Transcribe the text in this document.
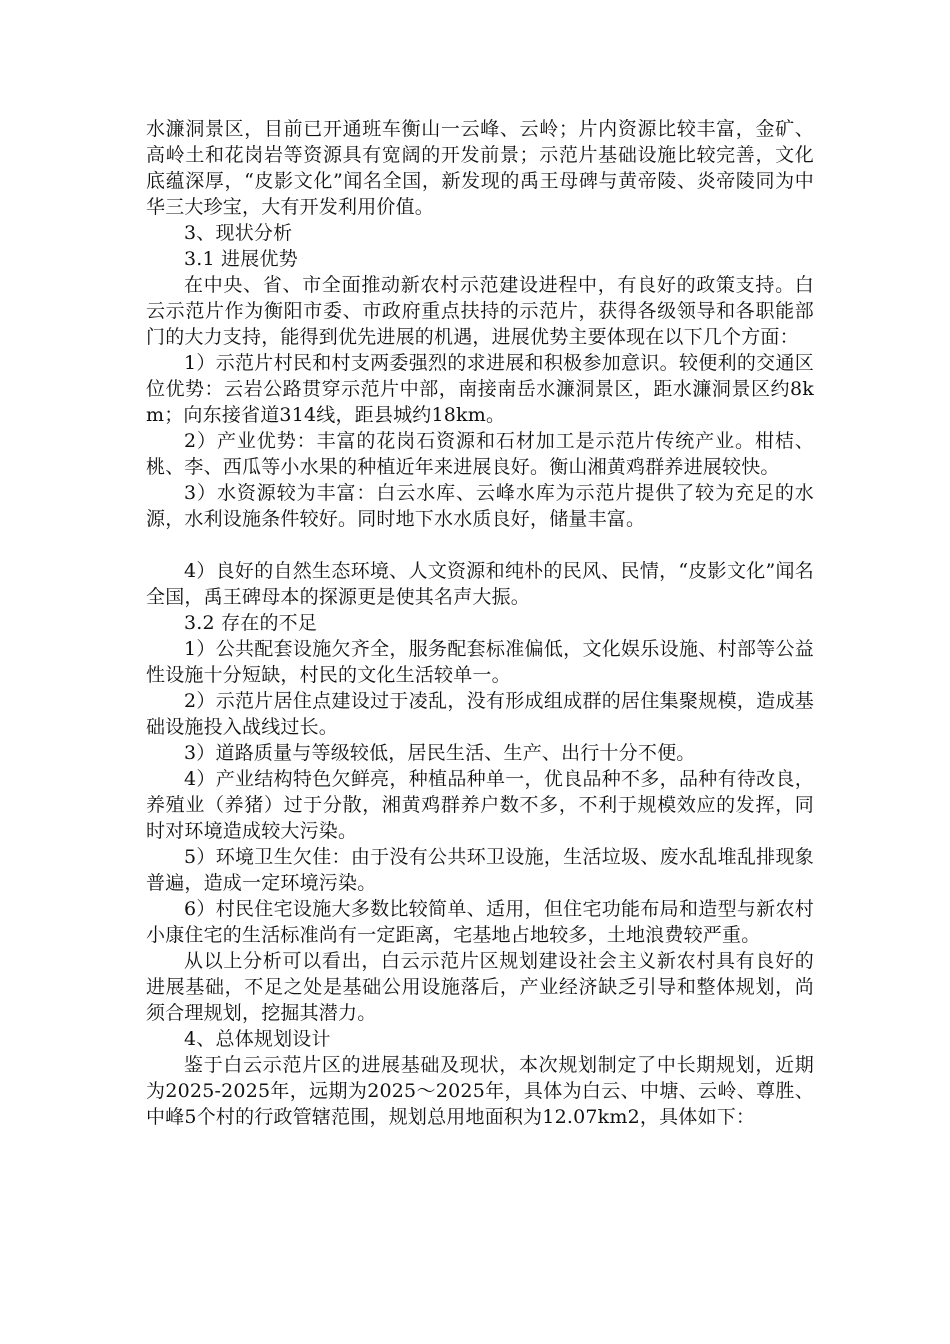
水濂洞景区，目前已开通班车衡山一云峰、云岭；片内资源比较丰富，金矿、高岭土和花岗岩等资源具有宽阔的开发前景；示范片基础设施比较完善，文化底蕴深厚，“皮影文化”闻名全国，新发现的禹王母碑与黄帝陵、炎帝陵同为中华三大珍宝，大有开发利用价值。

3、现状分析

3.1 进展优势

在中央、省、市全面推动新农村示范建设进程中，有良好的政策支持。白云示范片作为衡阳市委、市政府重点扶持的示范片，获得各级领导和各职能部门的大力支持，能得到优先进展的机遇，进展优势主要体现在以下几个方面：

1）示范片村民和村支两委强烈的求进展和积极参加意识。较便利的交通区位优势：云岩公路贯穿示范片中部，南接南岳水濂洞景区，距水濂洞景区约8km；向东接省道314线，距县城约18km。

2）产业优势：丰富的花岗石资源和石材加工是示范片传统产业。柑桔、桃、李、西瓜等小水果的种植近年来进展良好。衡山湘黄鸡群养进展较快。

3）水资源较为丰富：白云水库、云峰水库为示范片提供了较为充足的水源，水利设施条件较好。同时地下水水质良好，储量丰富。

4）良好的自然生态环境、人文资源和纯朴的民风、民情，“皮影文化”闻名全国，禹王碑母本的探源更是使其名声大振。

3.2 存在的不足

1）公共配套设施欠齐全，服务配套标准偏低，文化娱乐设施、村部等公益性设施十分短缺，村民的文化生活较单一。

2）示范片居住点建设过于凌乱，没有形成组成群的居住集聚规模，造成基础设施投入战线过长。

3）道路质量与等级较低，居民生活、生产、出行十分不便。

4）产业结构特色欠鲜亮，种植品种单一，优良品种不多，品种有待改良，养殖业（养猪）过于分散，湘黄鸡群养户数不多，不利于规模效应的发挥，同时对环境造成较大污染。

5）环境卫生欠佳：由于没有公共环卫设施，生活垃圾、废水乱堆乱排现象普遍，造成一定环境污染。

6）村民住宅设施大多数比较简单、适用，但住宅功能布局和造型与新农村小康住宅的生活标准尚有一定距离，宅基地占地较多，土地浪费较严重。

从以上分析可以看出，白云示范片区规划建设社会主义新农村具有良好的进展基础，不足之处是基础公用设施落后，产业经济缺乏引导和整体规划，尚须合理规划，挖掘其潜力。

4、总体规划设计

鉴于白云示范片区的进展基础及现状，本次规划制定了中长期规划，近期为2025-2025年，远期为2025～2025年，具体为白云、中塘、云岭、尊胜、中峰5个村的行政管辖范围，规划总用地面积为12.07km2，具体如下：
